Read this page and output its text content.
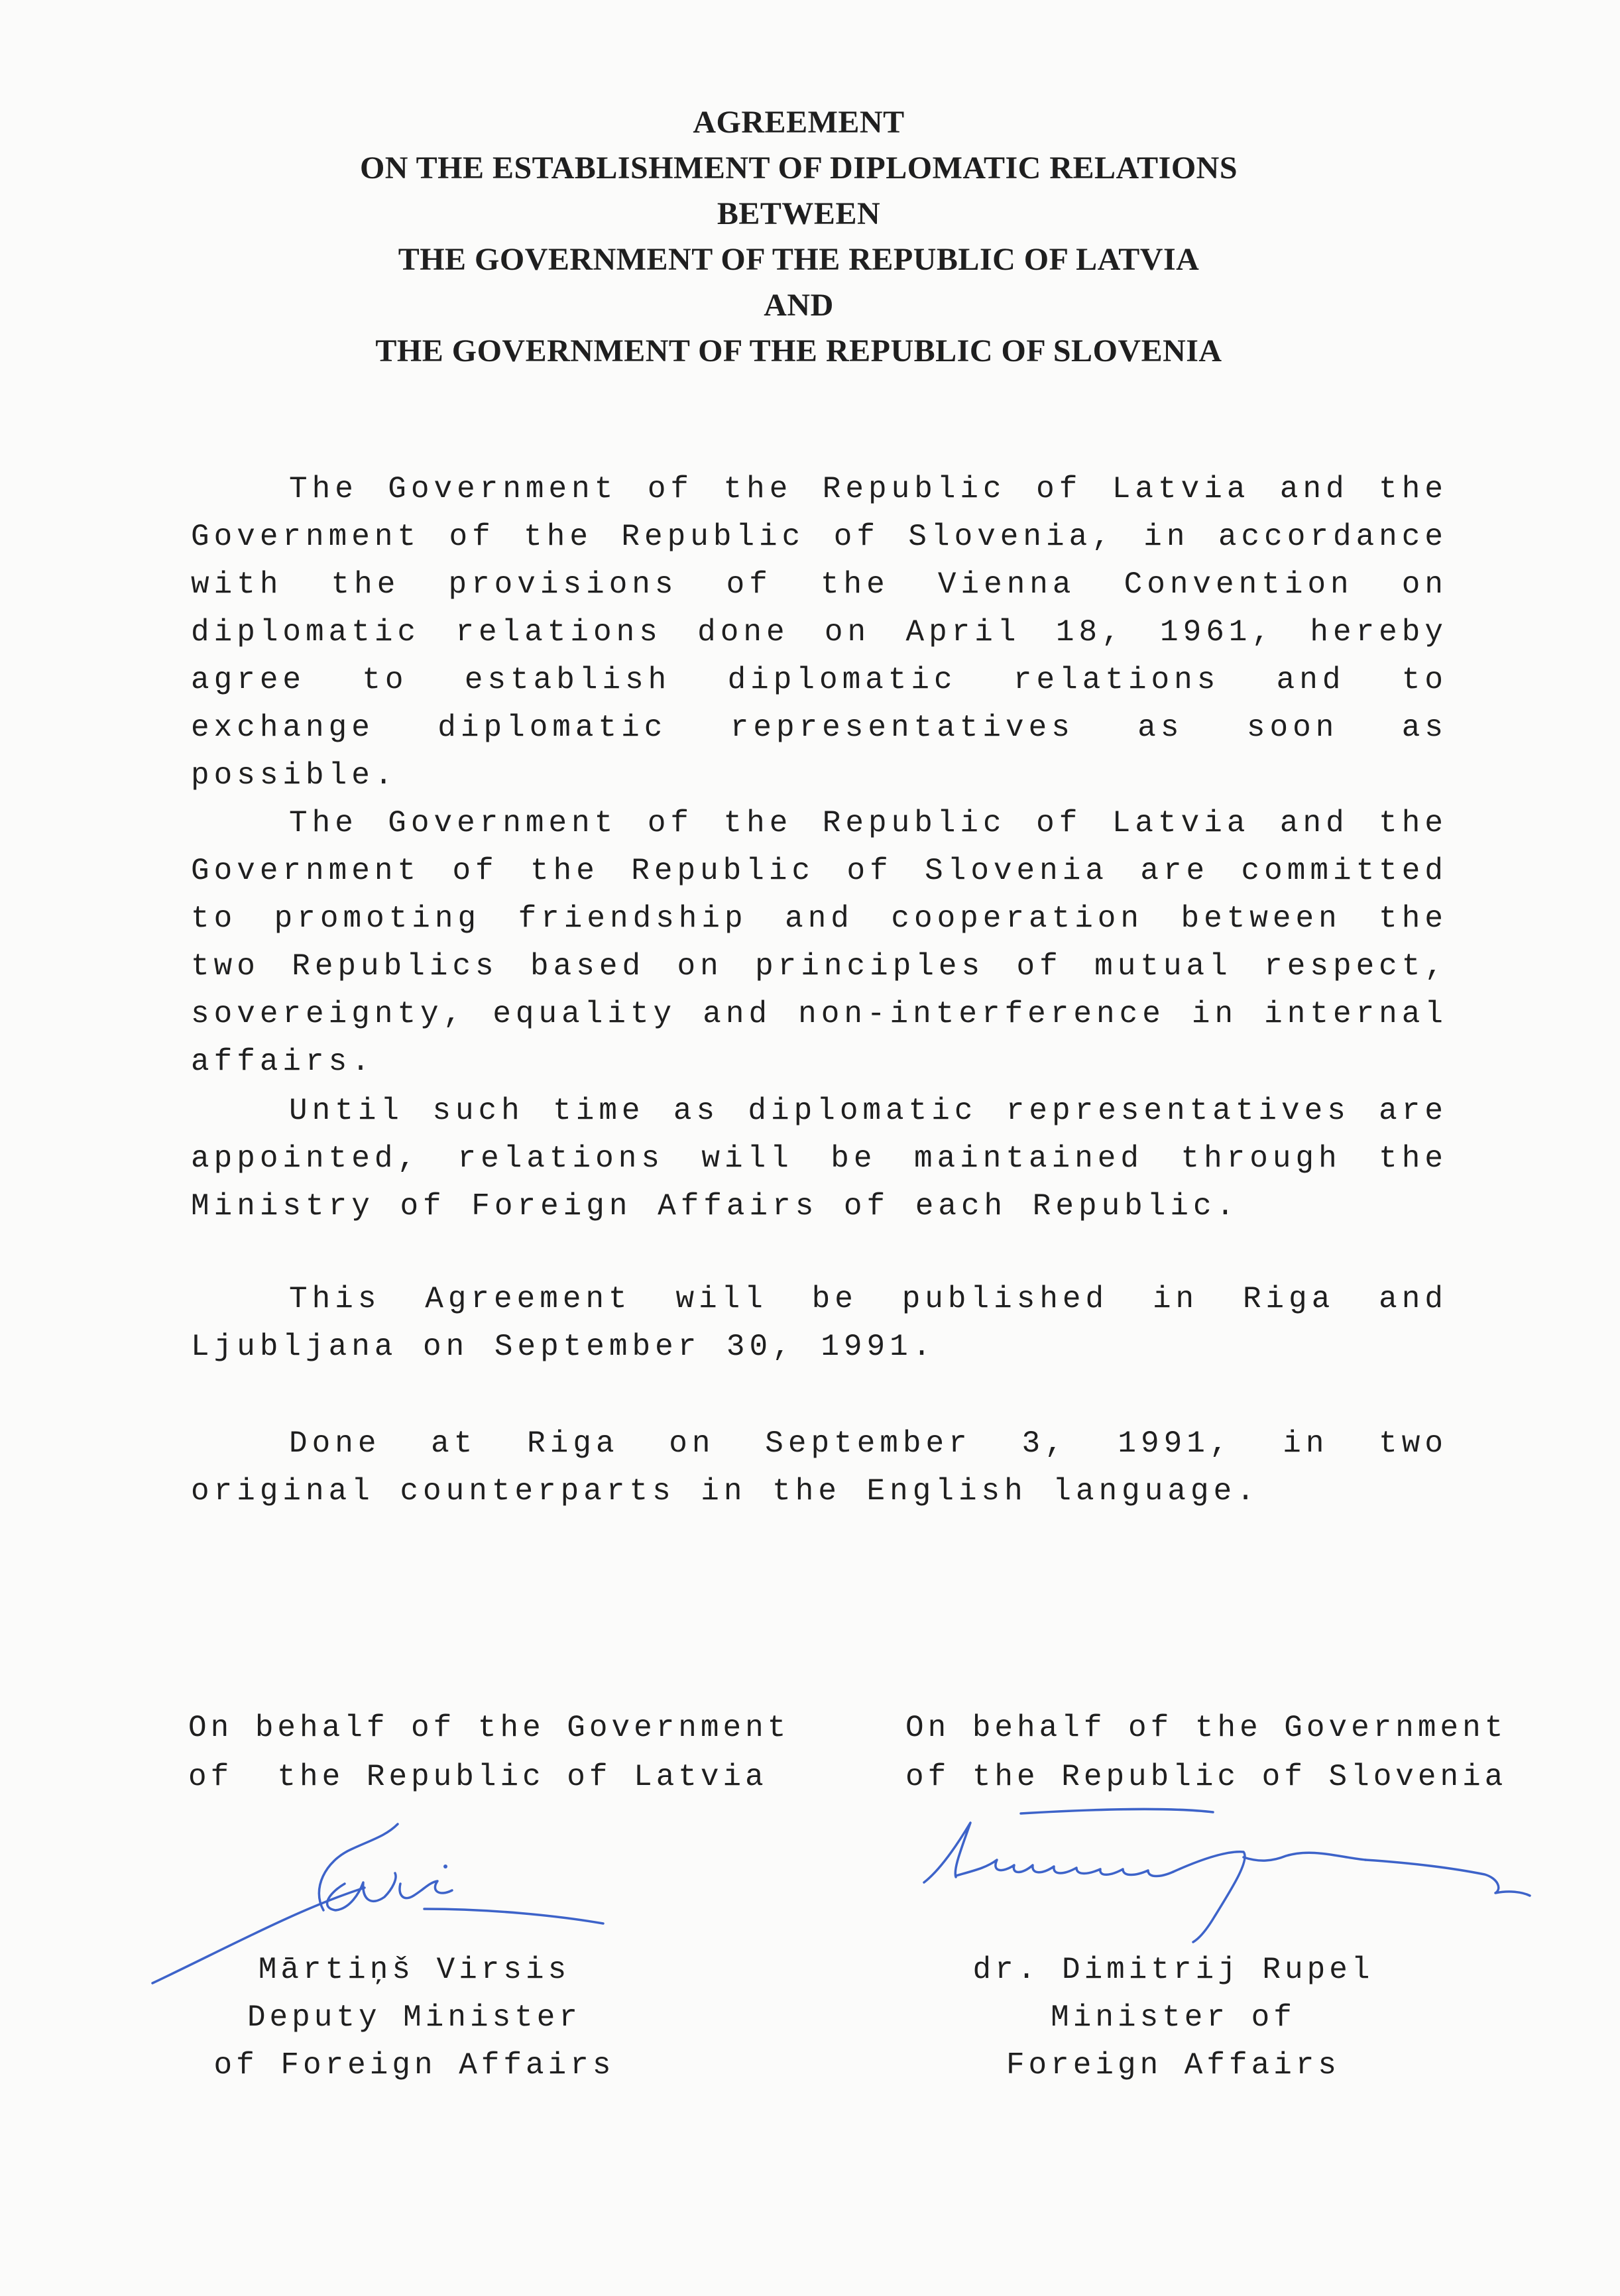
AGREEMENT
ON THE ESTABLISHMENT OF DIPLOMATIC RELATIONS
BETWEEN
THE GOVERNMENT OF THE REPUBLIC OF LATVIA
AND
THE GOVERNMENT OF THE REPUBLIC OF SLOVENIA
The Government of the Republic of Latvia and the Government of the Republic of Slovenia, in accordance with the provisions of the Vienna Convention on diplomatic relations done on April 18, 1961, hereby agree to establish diplomatic relations and to exchange diplomatic representatives as soon as possible.
The Government of the Republic of Latvia and the Government of the Republic of Slovenia are committed to promoting friendship and cooperation between the two Republics based on principles of mutual respect, sovereignty, equality and non-interference in internal affairs.
Until such time as diplomatic representatives are appointed, relations will be maintained through the Ministry of Foreign Affairs of each Republic.
This Agreement will be published in Riga and Ljubljana on September 30, 1991.
Done at Riga on September 3, 1991, in two original counterparts in the English language.
On behalf of the Government
of  the Republic of Latvia
On behalf of the Government
of the Republic of Slovenia
Mārtiņš Virsis
Deputy Minister
of Foreign Affairs
dr. Dimitrij Rupel
Minister of
Foreign Affairs
